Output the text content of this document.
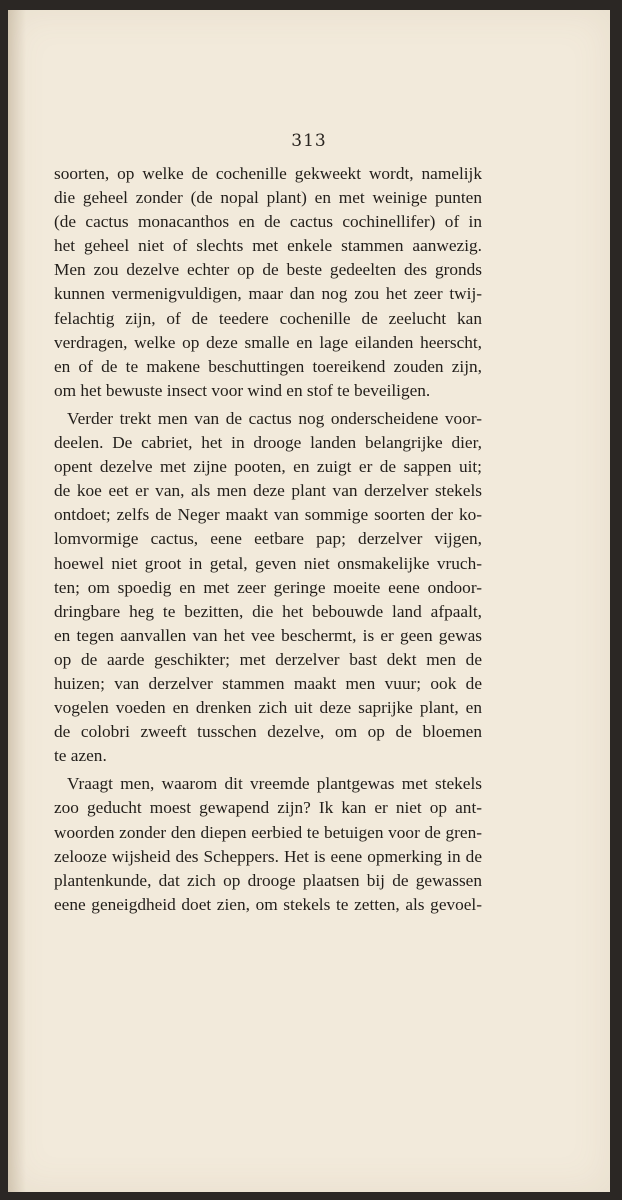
313
soorten, op welke de cochenille gekweekt wordt, namelijk
die geheel zonder (de nopal plant) en met weinige punten
(de cactus monacanthos en de cactus cochinellifer) of in
het geheel niet of slechts met enkele stammen aanwezig.
Men zou dezelve echter op de beste gedeelten des gronds
kunnen vermenigvuldigen, maar dan nog zou het zeer twij-
felachtig zijn, of de teedere cochenille de zeelucht kan
verdragen, welke op deze smalle en lage eilanden heerscht,
en of de te makene beschuttingen toereikend zouden zijn,
om het bewuste insect voor wind en stof te beveiligen.
Verder trekt men van de cactus nog onderscheidene voor-
deelen. De cabriet, het in drooge landen belangrijke dier,
opent dezelve met zijne pooten, en zuigt er de sappen uit;
de koe eet er van, als men deze plant van derzelver stekels
ontdoet; zelfs de Neger maakt van sommige soorten der ko-
lomvormige cactus, eene eetbare pap; derzelver vijgen,
hoewel niet groot in getal, geven niet onsmakelijke vruch-
ten; om spoedig en met zeer geringe moeite eene ondoor-
dringbare heg te bezitten, die het bebouwde land afpaalt,
en tegen aanvallen van het vee beschermt, is er geen gewas
op de aarde geschikter; met derzelver bast dekt men de
huizen; van derzelver stammen maakt men vuur; ook de
vogelen voeden en drenken zich uit deze saprijke plant, en
de colobri zweeft tusschen dezelve, om op de bloemen
te azen.
Vraagt men, waarom dit vreemde plantgewas met stekels
zoo geducht moest gewapend zijn? Ik kan er niet op ant-
woorden zonder den diepen eerbied te betuigen voor de gren-
zelooze wijsheid des Scheppers. Het is eene opmerking in de
plantenkunde, dat zich op drooge plaatsen bij de gewassen
eene geneigdheid doet zien, om stekels te zetten, als gevoel-
